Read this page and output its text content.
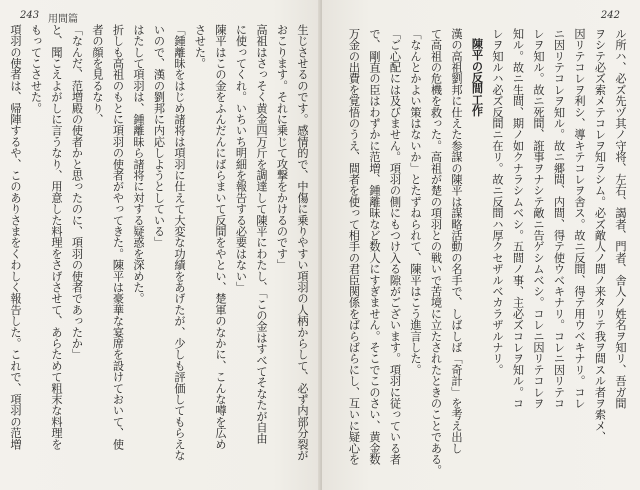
243 用間篇
生じさせるのです。感情的で、中傷に乗りやすい項羽の人柄からして、必ず内部分裂が
おこります。それに乗じて攻撃をかけるのです」
高祖はさっそく黄金四万斤を調達して陳平にわたし、「この金はすべてそなたが自由
に使ってくれ。いちいち明細を報告する必要はない」
陳平はこの金をふんだんにばらまいて反間をやとい、楚軍のなかに、こんな噂を広め
させた。
「鍾離昧をはじめ諸将は項羽に仕えて大変な功績をあげたが、少しも評価してもらえな
いので、漢の劉邦に内応しようとしている」
はたして項羽は、鍾離昧ら諸将に対する疑惑を深めた。
折しも高祖のもとに項羽の使者がやってきた。陳平は豪華な宴席を設けておいて、使
者の顔を見るなり、
「なんだ、范増殿の使者かと思ったのに、項羽の使者であったか」
と、聞こえよがしに言うなり、用意した料理をさげさせて、あらためて粗末な料理を
もってこさせた。
項羽の使者は、帰陣するや、このありさまをくわしく報告した。これで、項羽の范増
242
ル所ハ、必ズ先ヅ其ノ守将、左右、謁者、門者、舎人ノ姓名ヲ知リ、吾ガ間
ヲシテ必ズ索メテコレヲ知ラシム。必ズ敵人ノ間ノ来タリテ我ヲ間スル者ヲ索メ、
因リテコレヲ利シ、導キテコレヲ舎ス。故ニ反間、得テ用ウベキナリ。コレ
ニ因リテコレヲ知ル。故ニ郷間、内間、得テ使ウベキナリ。コレニ因リテコ
レヲ知ル。故ニ死間、誑事ヲナシテ敵ニ告ゲシムベシ。コレニ因リテコレヲ
知ル。故ニ生間、期ノ如クナラシムベシ。五間ノ事、主必ズコレヲ知ル。コ
レヲ知ルハ必ズ反間ニ在リ。故ニ反間ハ厚クセザルベカラザルナリ。
陳平の反間工作
漢の高祖劉邦に仕えた参謀の陳平は謀略活動の名手で、しばしば「奇計」を考え出し
て高祖の危機を救った。高祖が楚の項羽との戦いで苦境に立たされたときのことである。
「なんとかよい策はないか」とたずねられて、陳平はこう進言した。
「ご心配には及びません。項羽の側にもつけ入る隙がございます。項羽に従っている者
で、剛直の臣はわずかに范増、鍾離昧など数人にすぎません。そこでこのさい、黄金数
万金の出費を覚悟のうえ、間者を使って相手の君臣関係をばらばらにし、互いに疑心を
